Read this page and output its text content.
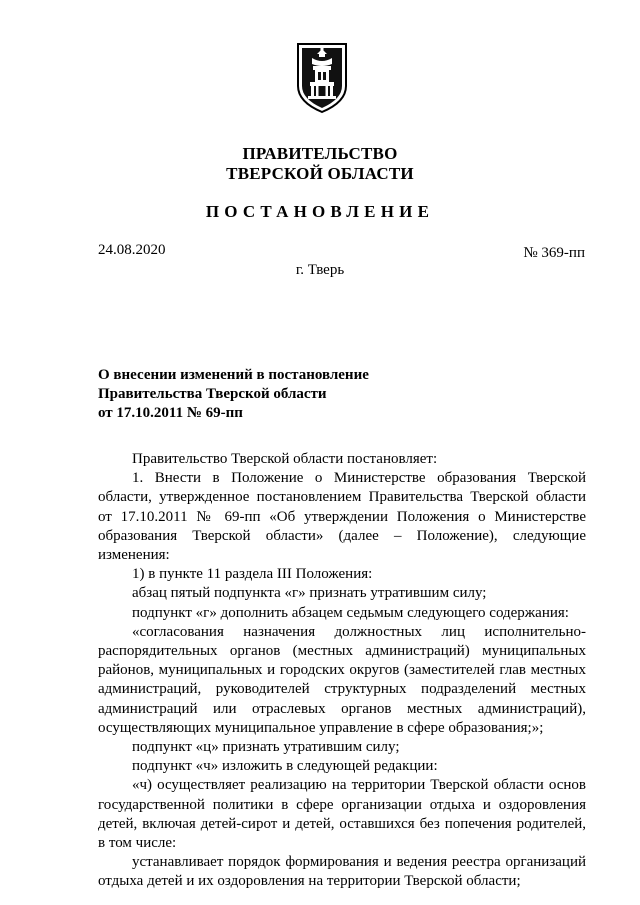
ПРАВИТЕЛЬСТВО
ТВЕРСКОЙ ОБЛАСТИ
ПОСТАНОВЛЕНИЕ
24.08.2020	№ 369-пп
г. Тверь
О внесении изменений в постановление
Правительства Тверской области
от 17.10.2011 № 69-пп

Правительство Тверской области постановляет:

1. Внести в Положение о Министерстве образования Тверской области, утвержденное постановлением Правительства Тверской области от 17.10.2011 № 69-пп «Об утверждении Положения о Министерстве образования Тверской области» (далее – Положение), следующие изменения:

1) в пункте 11 раздела III Положения:

абзац пятый подпункта «г» признать утратившим силу;

подпункт «г» дополнить абзацем седьмым следующего содержания:

«согласования назначения должностных лиц исполнительно-распорядительных органов (местных администраций) муниципальных районов, муниципальных и городских округов (заместителей глав местных администраций, руководителей структурных подразделений местных администраций или отраслевых органов местных администраций), осуществляющих муниципальное управление в сфере образования;»;

подпункт «ц» признать утратившим силу;

подпункт «ч» изложить в следующей редакции:

«ч) осуществляет реализацию на территории Тверской области основ государственной политики в сфере организации отдыха и оздоровления детей, включая детей-сирот и детей, оставшихся без попечения родителей, в том числе:

устанавливает порядок формирования и ведения реестра организаций отдыха детей и их оздоровления на территории Тверской области;
